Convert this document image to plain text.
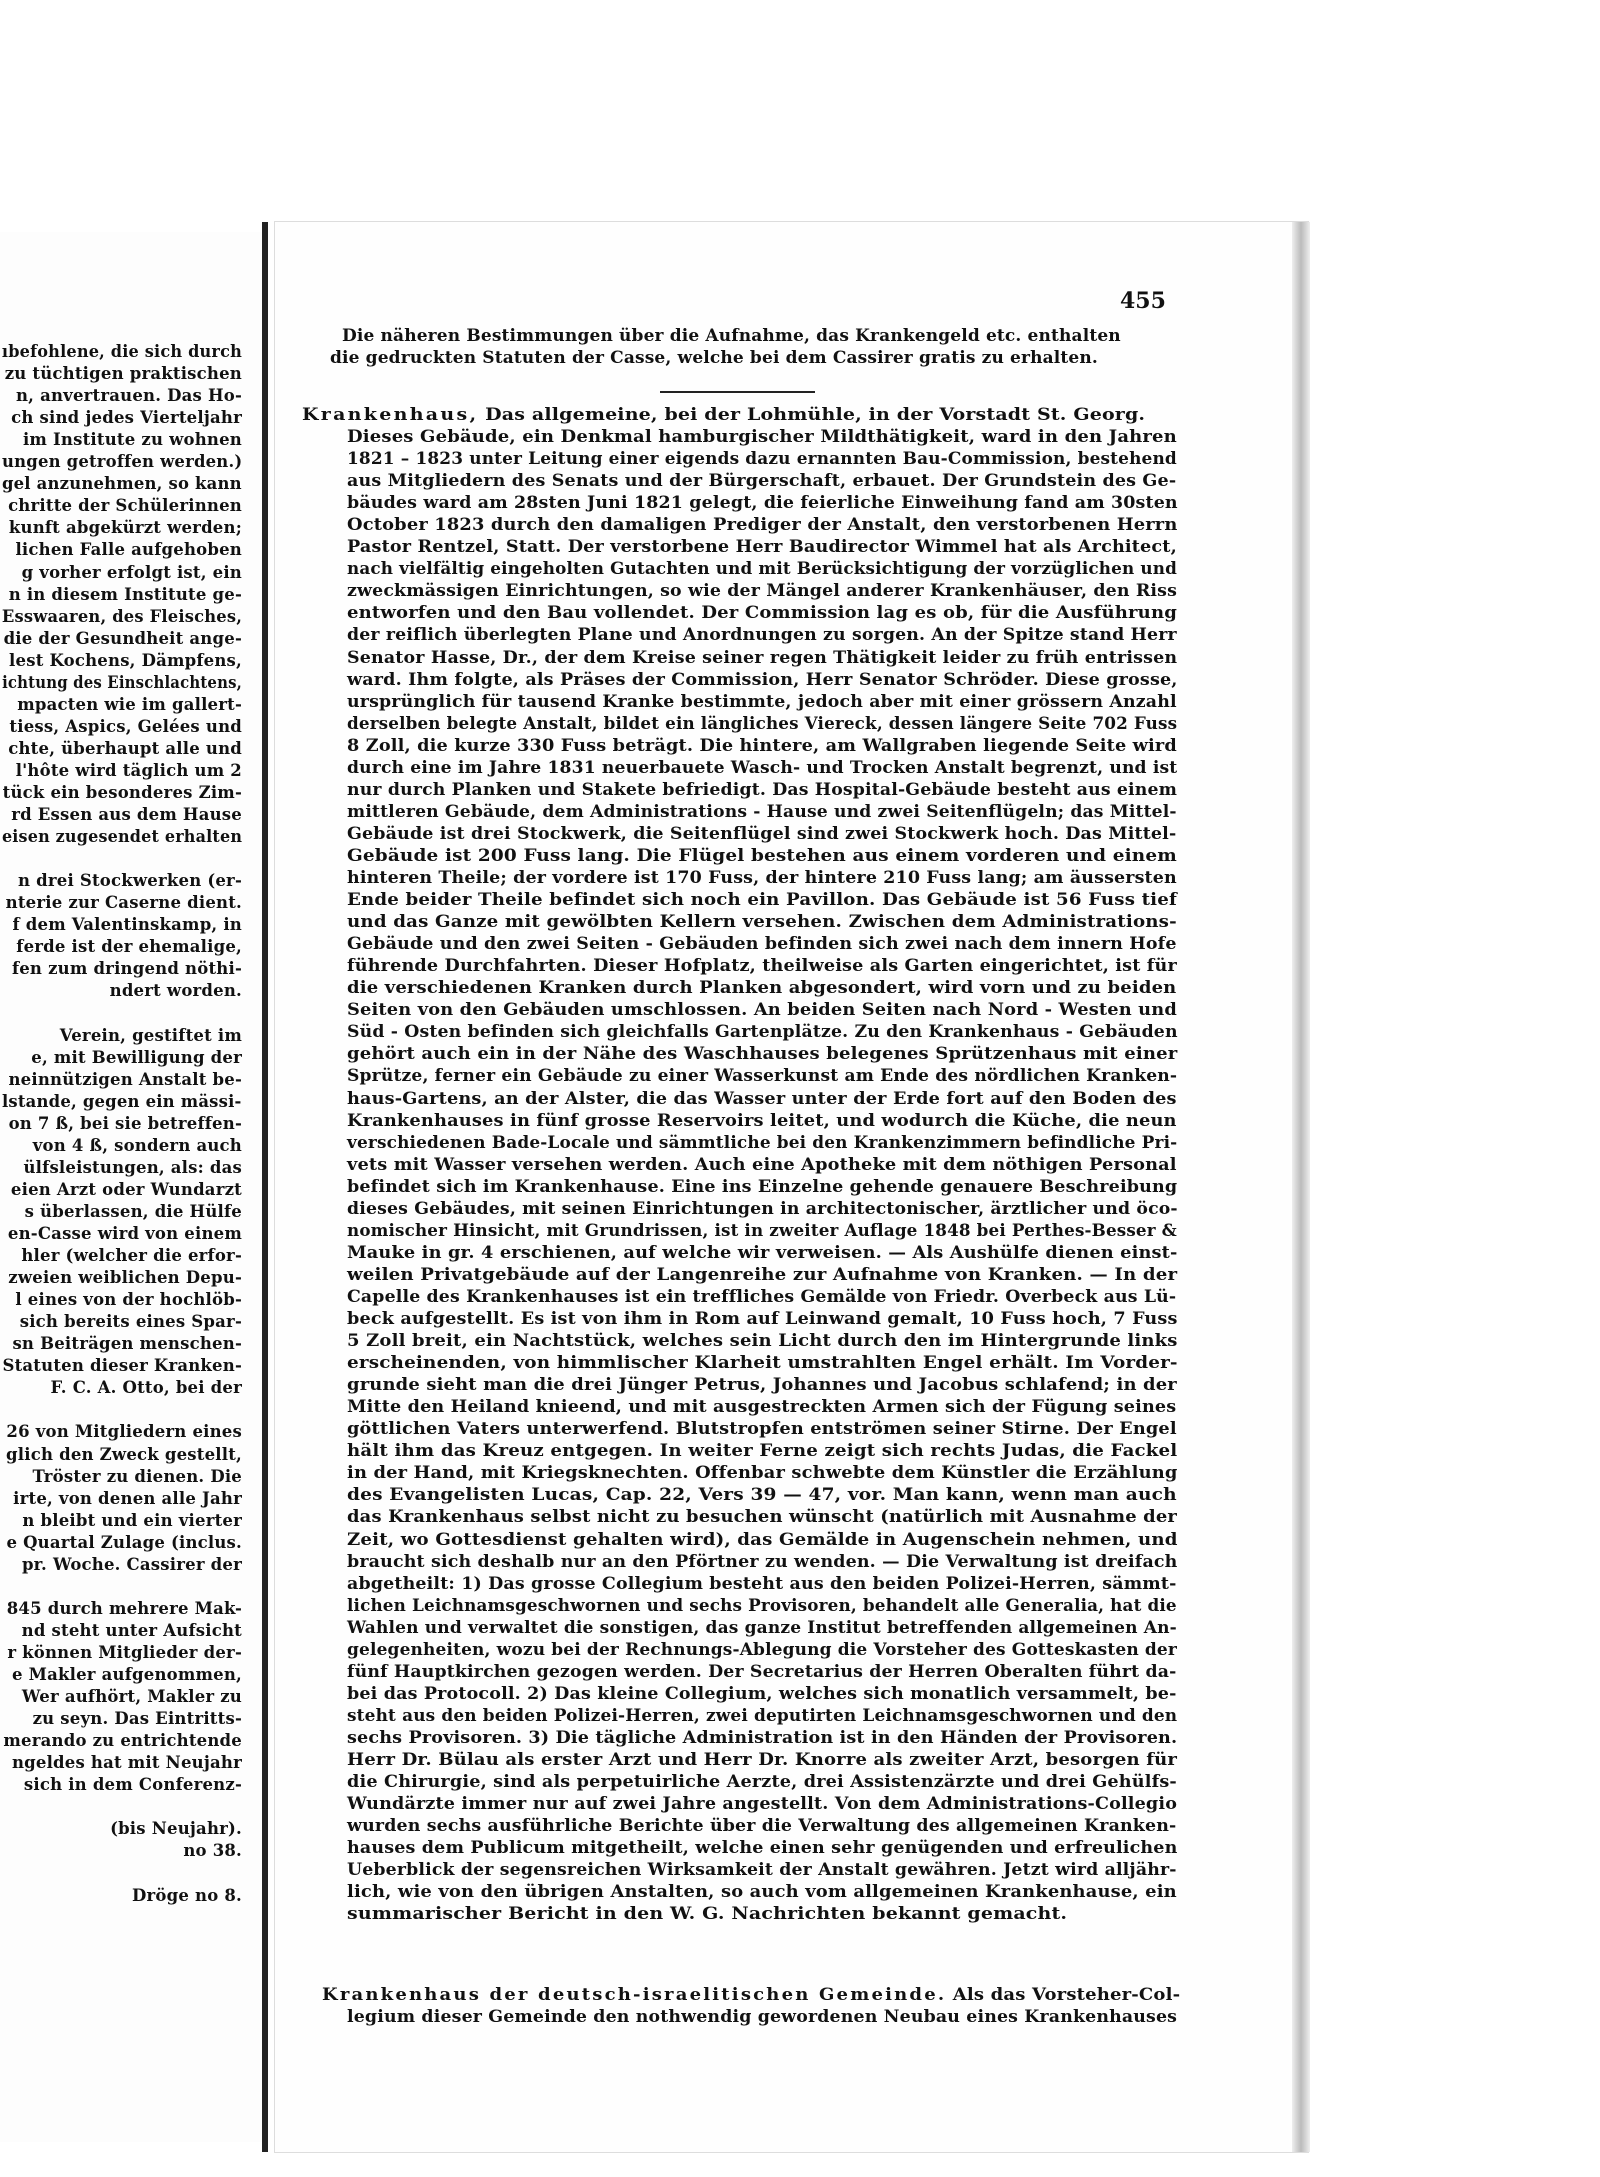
ıbefohlene, die sich durch
zu tüchtigen praktischen
n, anvertrauen. Das Ho-
ch sind jedes Vierteljahr
im Institute zu wohnen
ungen getroffen werden.)
gel anzunehmen, so kann
chritte der Schülerinnen
kunft abgekürzt werden;
lichen Falle aufgehoben
g vorher erfolgt ist, ein
n in diesem Institute ge-
Esswaaren, des Fleisches,
die der Gesundheit ange-
lest Kochens, Dämpfens,
ichtung des Einschlachtens,
mpacten wie im gallert-
tiess, Aspics, Gelées und
chte, überhaupt alle und
l'hôte wird täglich um 2
tück ein besonderes Zim-
rd Essen aus dem Hause
eisen zugesendet erhalten
n drei Stockwerken (er-
nterie zur Caserne dient.
f dem Valentinskamp, in
ferde ist der ehemalige,
fen zum dringend nöthi-
ndert worden.
Verein, gestiftet im
e, mit Bewilligung der
neinnützigen Anstalt be-
lstande, gegen ein mässi-
on 7 ß, bei sie betreffen-
von 4 ß, sondern auch
ülfsleistungen, als: das
eien Arzt oder Wundarzt
s überlassen, die Hülfe
en-Casse wird von einem
hler (welcher die erfor-
zweien weiblichen Depu-
l eines von der hochlöb-
sich bereits eines Spar-
sn Beiträgen menschen-
Statuten dieser Kranken-
F. C. A. Otto, bei der
26 von Mitgliedern eines
glich den Zweck gestellt,
Tröster zu dienen. Die
irte, von denen alle Jahr
n bleibt und ein vierter
e Quartal Zulage (inclus.
pr. Woche. Cassirer der
845 durch mehrere Mak-
nd steht unter Aufsicht
r können Mitglieder der-
e Makler aufgenommen,
Wer aufhört, Makler zu
zu seyn. Das Eintritts-
merando zu entrichtende
ngeldes hat mit Neujahr
sich in dem Conferenz-
(bis Neujahr).
no 38.
Dröge no 8.
455
Die näheren Bestimmungen über die Aufnahme, das Krankengeld etc. enthalten
die gedruckten Statuten der Casse, welche bei dem Cassirer gratis zu erhalten.
Krankenhaus, Das allgemeine, bei der Lohmühle, in der Vorstadt St. Georg.
Dieses Gebäude, ein Denkmal hamburgischer Mildthätigkeit, ward in den Jahren
1821 – 1823 unter Leitung einer eigends dazu ernannten Bau-Commission, bestehend
aus Mitgliedern des Senats und der Bürgerschaft, erbauet. Der Grundstein des Ge-
bäudes ward am 28sten Juni 1821 gelegt, die feierliche Einweihung fand am 30sten
October 1823 durch den damaligen Prediger der Anstalt, den verstorbenen Herrn
Pastor Rentzel, Statt. Der verstorbene Herr Baudirector Wimmel hat als Architect,
nach vielfältig eingeholten Gutachten und mit Berücksichtigung der vorzüglichen und
zweckmässigen Einrichtungen, so wie der Mängel anderer Krankenhäuser, den Riss
entworfen und den Bau vollendet. Der Commission lag es ob, für die Ausführung
der reiflich überlegten Plane und Anordnungen zu sorgen. An der Spitze stand Herr
Senator Hasse, Dr., der dem Kreise seiner regen Thätigkeit leider zu früh entrissen
ward. Ihm folgte, als Präses der Commission, Herr Senator Schröder. Diese grosse,
ursprünglich für tausend Kranke bestimmte, jedoch aber mit einer grössern Anzahl
derselben belegte Anstalt, bildet ein längliches Viereck, dessen längere Seite 702 Fuss
8 Zoll, die kurze 330 Fuss beträgt. Die hintere, am Wallgraben liegende Seite wird
durch eine im Jahre 1831 neuerbauete Wasch- und Trocken Anstalt begrenzt, und ist
nur durch Planken und Stakete befriedigt. Das Hospital-Gebäude besteht aus einem
mittleren Gebäude, dem Administrations - Hause und zwei Seitenflügeln; das Mittel-
Gebäude ist drei Stockwerk, die Seitenflügel sind zwei Stockwerk hoch. Das Mittel-
Gebäude ist 200 Fuss lang. Die Flügel bestehen aus einem vorderen und einem
hinteren Theile; der vordere ist 170 Fuss, der hintere 210 Fuss lang; am äussersten
Ende beider Theile befindet sich noch ein Pavillon. Das Gebäude ist 56 Fuss tief
und das Ganze mit gewölbten Kellern versehen. Zwischen dem Administrations-
Gebäude und den zwei Seiten - Gebäuden befinden sich zwei nach dem innern Hofe
führende Durchfahrten. Dieser Hofplatz, theilweise als Garten eingerichtet, ist für
die verschiedenen Kranken durch Planken abgesondert, wird vorn und zu beiden
Seiten von den Gebäuden umschlossen. An beiden Seiten nach Nord - Westen und
Süd - Osten befinden sich gleichfalls Gartenplätze. Zu den Krankenhaus - Gebäuden
gehört auch ein in der Nähe des Waschhauses belegenes Sprützenhaus mit einer
Sprütze, ferner ein Gebäude zu einer Wasserkunst am Ende des nördlichen Kranken-
haus-Gartens, an der Alster, die das Wasser unter der Erde fort auf den Boden des
Krankenhauses in fünf grosse Reservoirs leitet, und wodurch die Küche, die neun
verschiedenen Bade-Locale und sämmtliche bei den Krankenzimmern befindliche Pri-
vets mit Wasser versehen werden. Auch eine Apotheke mit dem nöthigen Personal
befindet sich im Krankenhause. Eine ins Einzelne gehende genauere Beschreibung
dieses Gebäudes, mit seinen Einrichtungen in architectonischer, ärztlicher und öco-
nomischer Hinsicht, mit Grundrissen, ist in zweiter Auflage 1848 bei Perthes-Besser &
Mauke in gr. 4 erschienen, auf welche wir verweisen. — Als Aushülfe dienen einst-
weilen Privatgebäude auf der Langenreihe zur Aufnahme von Kranken. — In der
Capelle des Krankenhauses ist ein treffliches Gemälde von Friedr. Overbeck aus Lü-
beck aufgestellt. Es ist von ihm in Rom auf Leinwand gemalt, 10 Fuss hoch, 7 Fuss
5 Zoll breit, ein Nachtstück, welches sein Licht durch den im Hintergrunde links
erscheinenden, von himmlischer Klarheit umstrahlten Engel erhält. Im Vorder-
grunde sieht man die drei Jünger Petrus, Johannes und Jacobus schlafend; in der
Mitte den Heiland knieend, und mit ausgestreckten Armen sich der Fügung seines
göttlichen Vaters unterwerfend. Blutstropfen entströmen seiner Stirne. Der Engel
hält ihm das Kreuz entgegen. In weiter Ferne zeigt sich rechts Judas, die Fackel
in der Hand, mit Kriegsknechten. Offenbar schwebte dem Künstler die Erzählung
des Evangelisten Lucas, Cap. 22, Vers 39 — 47, vor. Man kann, wenn man auch
das Krankenhaus selbst nicht zu besuchen wünscht (natürlich mit Ausnahme der
Zeit, wo Gottesdienst gehalten wird), das Gemälde in Augenschein nehmen, und
braucht sich deshalb nur an den Pförtner zu wenden. — Die Verwaltung ist dreifach
abgetheilt: 1) Das grosse Collegium besteht aus den beiden Polizei-Herren, sämmt-
lichen Leichnamsgeschwornen und sechs Provisoren, behandelt alle Generalia, hat die
Wahlen und verwaltet die sonstigen, das ganze Institut betreffenden allgemeinen An-
gelegenheiten, wozu bei der Rechnungs-Ablegung die Vorsteher des Gotteskasten der
fünf Hauptkirchen gezogen werden. Der Secretarius der Herren Oberalten führt da-
bei das Protocoll. 2) Das kleine Collegium, welches sich monatlich versammelt, be-
steht aus den beiden Polizei-Herren, zwei deputirten Leichnamsgeschwornen und den
sechs Provisoren. 3) Die tägliche Administration ist in den Händen der Provisoren.
Herr Dr. Bülau als erster Arzt und Herr Dr. Knorre als zweiter Arzt, besorgen für
die Chirurgie, sind als perpetuirliche Aerzte, drei Assistenzärzte und drei Gehülfs-
Wundärzte immer nur auf zwei Jahre angestellt. Von dem Administrations-Collegio
wurden sechs ausführliche Berichte über die Verwaltung des allgemeinen Kranken-
hauses dem Publicum mitgetheilt, welche einen sehr genügenden und erfreulichen
Ueberblick der segensreichen Wirksamkeit der Anstalt gewähren. Jetzt wird alljähr-
lich, wie von den übrigen Anstalten, so auch vom allgemeinen Krankenhause, ein
summarischer Bericht in den W. G. Nachrichten bekannt gemacht.
Krankenhaus der deutsch-israelitischen Gemeinde. Als das Vorsteher-Col-
legium dieser Gemeinde den nothwendig gewordenen Neubau eines Krankenhauses
